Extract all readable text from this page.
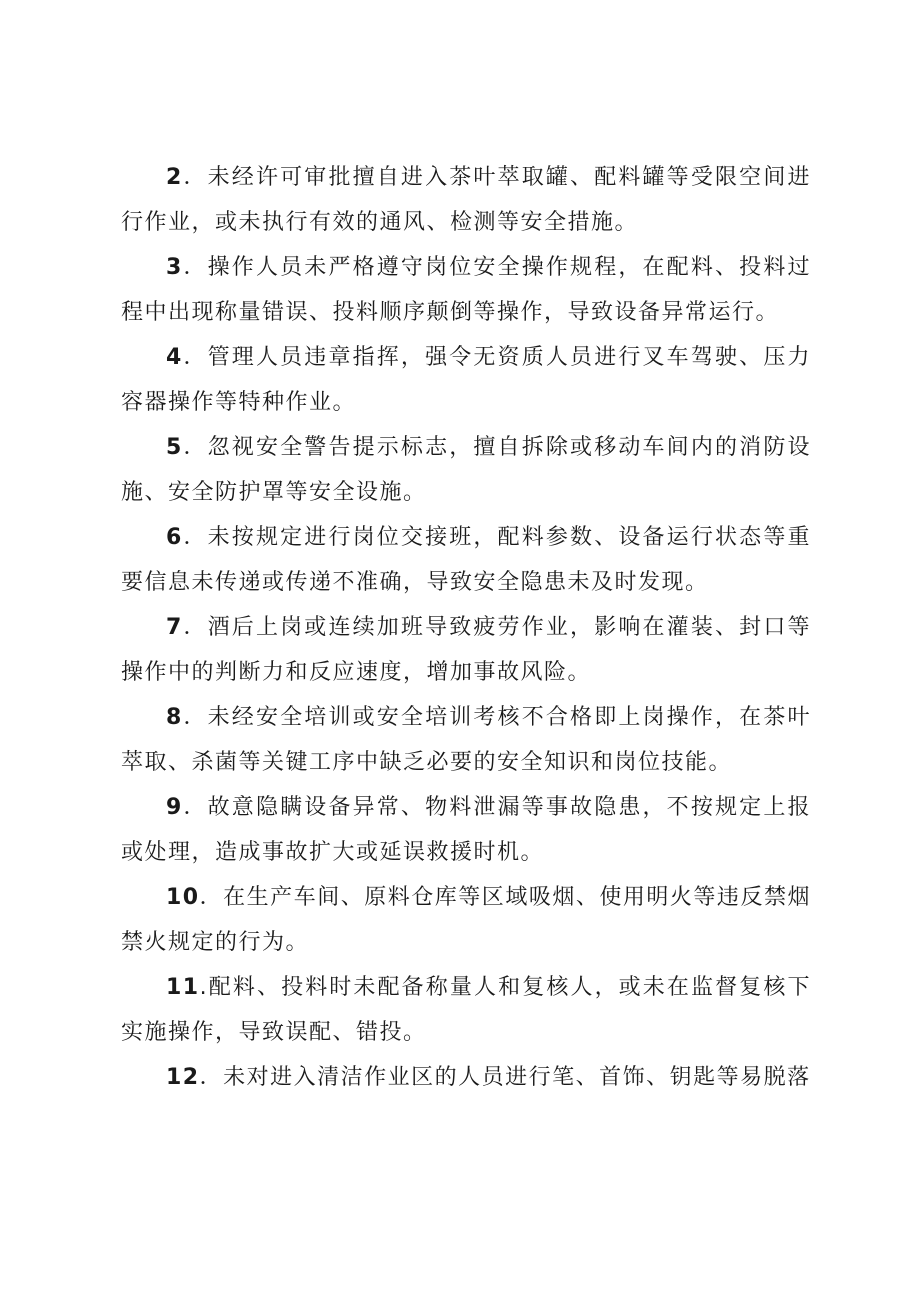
2．未经许可审批擅自进入茶叶萃取罐、配料罐等受限空间进行作业，或未执行有效的通风、检测等安全措施。

3．操作人员未严格遵守岗位安全操作规程，在配料、投料过程中出现称量错误、投料顺序颠倒等操作，导致设备异常运行。

4．管理人员违章指挥，强令无资质人员进行叉车驾驶、压力容器操作等特种作业。

5．忽视安全警告提示标志，擅自拆除或移动车间内的消防设施、安全防护罩等安全设施。

6．未按规定进行岗位交接班，配料参数、设备运行状态等重要信息未传递或传递不准确，导致安全隐患未及时发现。

7．酒后上岗或连续加班导致疲劳作业，影响在灌装、封口等操作中的判断力和反应速度，增加事故风险。

8．未经安全培训或安全培训考核不合格即上岗操作，在茶叶萃取、杀菌等关键工序中缺乏必要的安全知识和岗位技能。

9．故意隐瞒设备异常、物料泄漏等事故隐患，不按规定上报或处理，造成事故扩大或延误救援时机。

10．在生产车间、原料仓库等区域吸烟、使用明火等违反禁烟禁火规定的行为。

11.配料、投料时未配备称量人和复核人，或未在监督复核下实施操作，导致误配、错投。

12．未对进入清洁作业区的人员进行笔、首饰、钥匙等易脱落
